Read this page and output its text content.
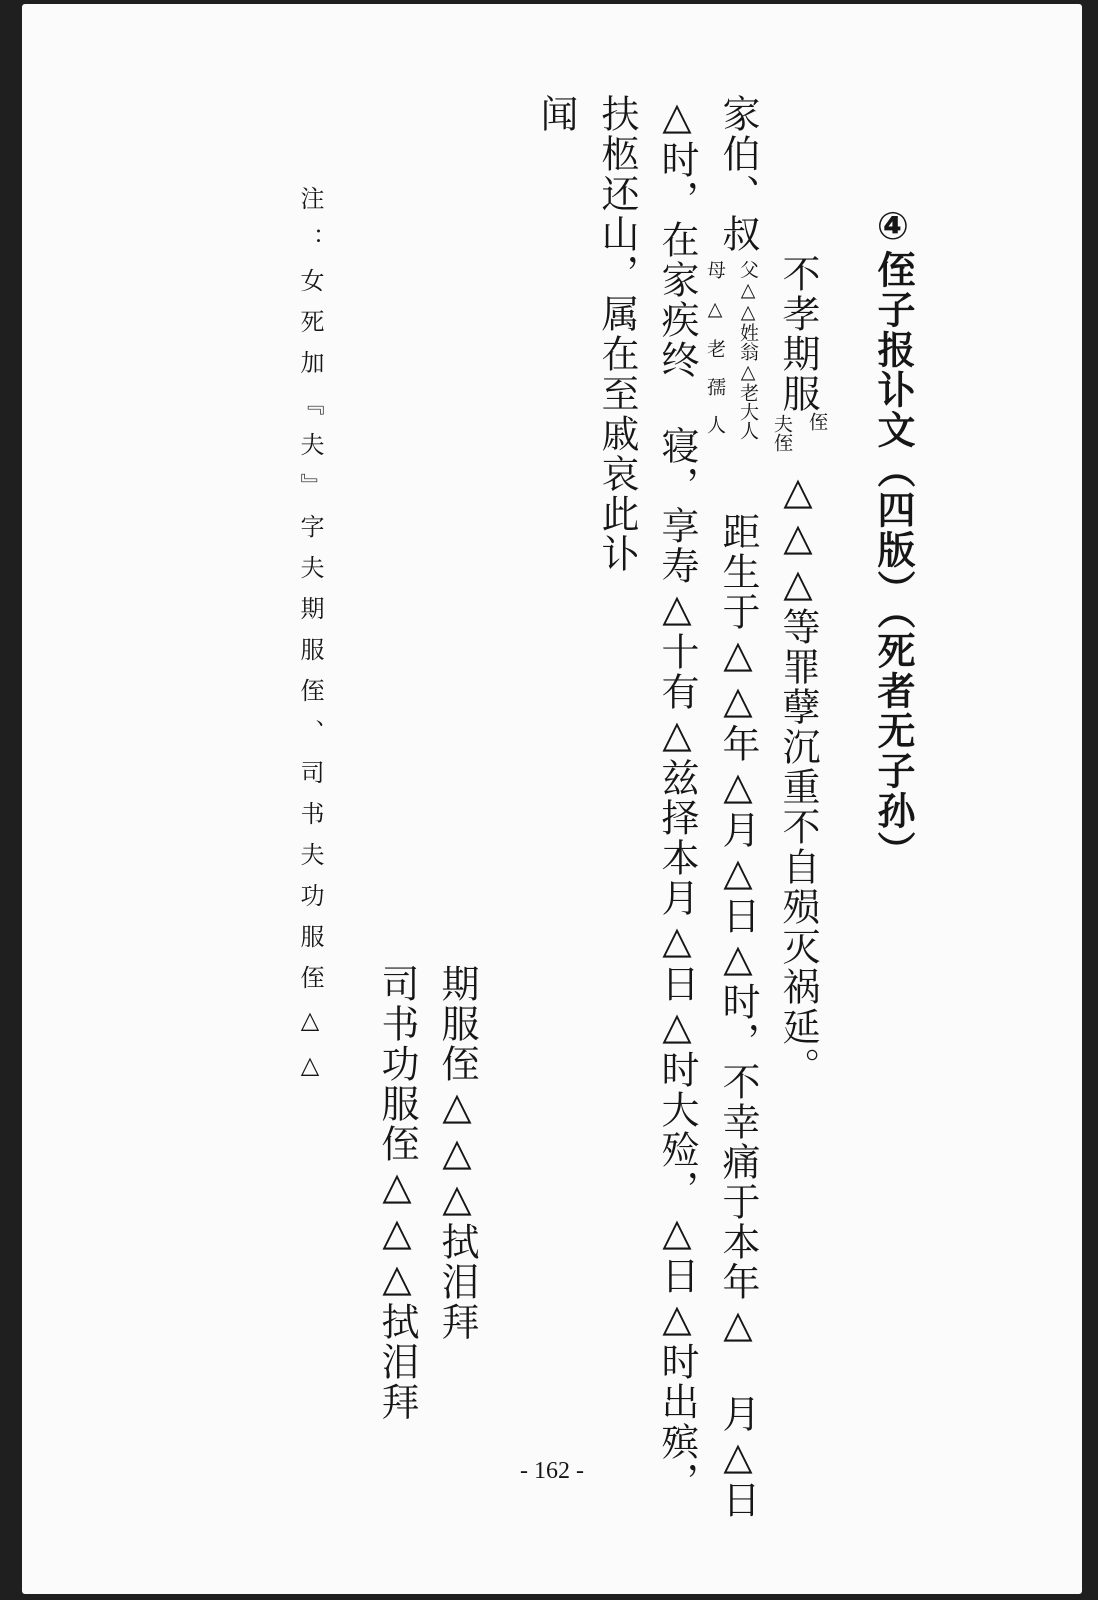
④侄子报讣文（四版）（死者无子孙）
不孝期服
侄
夫侄
△△△等罪孽沉重不自殒灭祸延。
家伯、叔
父△△姓翁△老大人
母　△　老　孺　人
距生于△△年△月△日△时，不幸痛于本年△ 月△日
△时，在家疾终 寝，享寿△十有△兹择本月△日△时大殓，△日△时出殡，
扶柩还山，属在至戚哀此讣
闻
期服侄△△△拭泪拜
司书功服侄△△△拭泪拜
注：女死加『夫』字夫期服侄、司书夫功服侄△△
- 162 -
